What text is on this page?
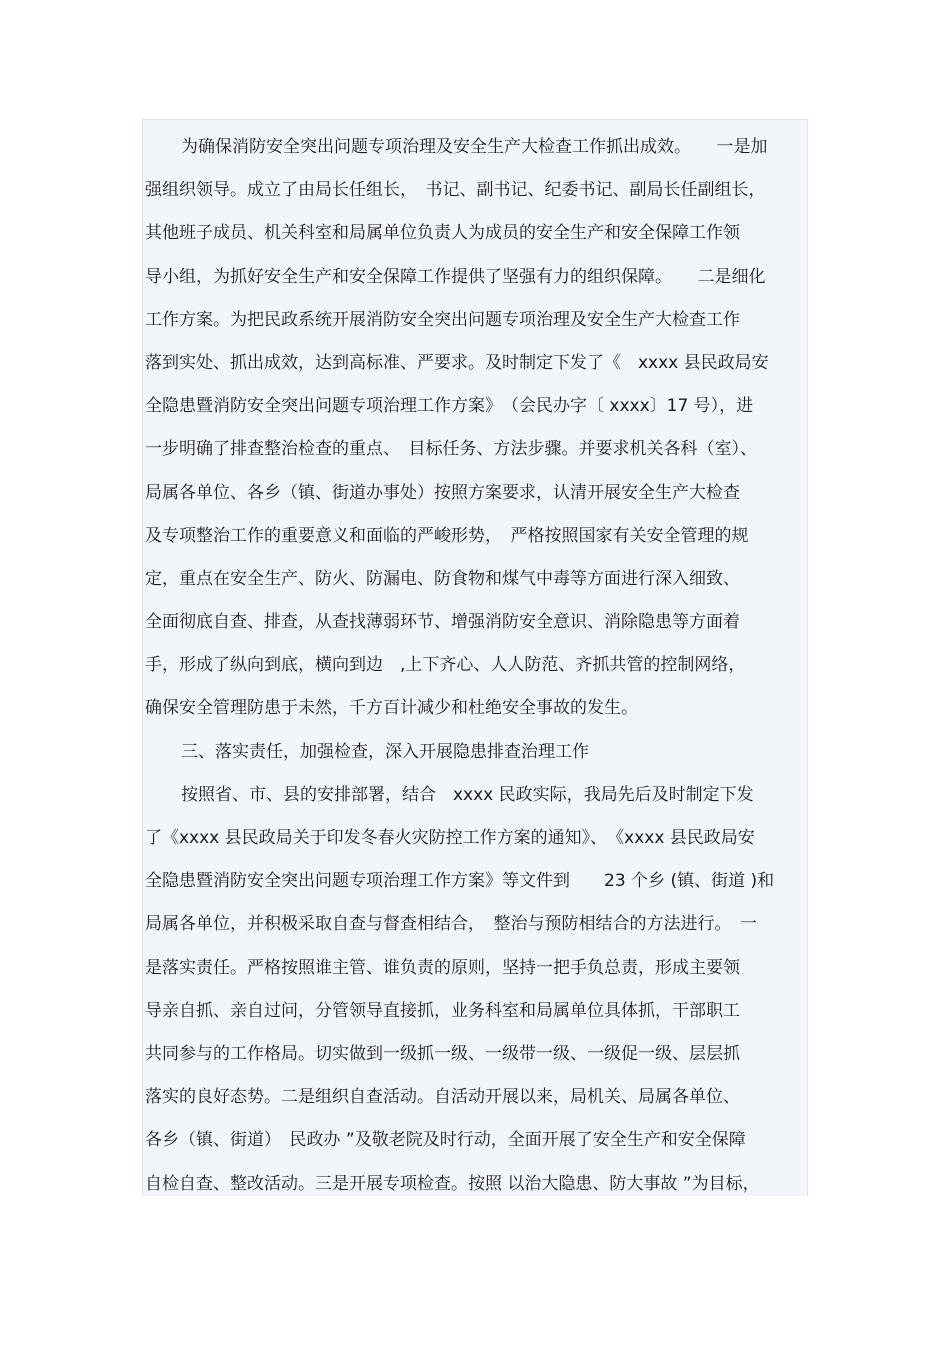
为确保消防安全突出问题专项治理及安全生产大检查工作抓出成效。　　一是加
强组织领导。成立了由局长任组长，　书记、副书记、纪委书记、副局长任副组长，
其他班子成员、机关科室和局属单位负责人为成员的安全生产和安全保障工作领
导小组，为抓好安全生产和安全保障工作提供了坚强有力的组织保障。　　二是细化
工作方案。为把民政系统开展消防安全突出问题专项治理及安全生产大检查工作
落到实处、抓出成效，达到高标准、严要求。及时制定下发了《　xxxx 县民政局安
全隐患暨消防安全突出问题专项治理工作方案》　（会民办字〔 xxxx〕17 号），进
一步明确了排查整治检查的重点、　目标任务、方法步骤。并要求机关各科（室）、
局属各单位、各乡（镇、街道办事处）按照方案要求，认清开展安全生产大检查
及专项整治工作的重要意义和面临的严峻形势，　严格按照国家有关安全管理的规
定，重点在安全生产、防火、防漏电、防食物和煤气中毒等方面进行深入细致、
全面彻底自查、排查，从查找薄弱环节、增强消防安全意识、消除隐患等方面着
手，形成了纵向到底，横向到边　,上下齐心、人人防范、齐抓共管的控制网络，
确保安全管理防患于未然，千方百计减少和杜绝安全事故的发生。
三、落实责任，加强检查，深入开展隐患排查治理工作
按照省、市、县的安排部署，结合　xxxx 民政实际，我局先后及时制定下发
了《xxxx 县民政局关于印发冬春火灾防控工作方案的通知》、　《xxxx 县民政局安
全隐患暨消防安全突出问题专项治理工作方案》等文件到　　23 个乡 (镇、街道 )和
局属各单位，并积极采取自查与督查相结合，　整治与预防相结合的方法进行。　一
是落实责任。严格按照谁主管、谁负责的原则，坚持一把手负总责，形成主要领
导亲自抓、亲自过问，分管领导直接抓，业务科室和局属单位具体抓，干部职工
共同参与的工作格局。切实做到一级抓一级、一级带一级、一级促一级、层层抓
落实的良好态势。二是组织自查活动。自活动开展以来，局机关、局属各单位、
各乡（镇、街道）　民政办 ”及敬老院及时行动，全面开展了安全生产和安全保障
自检自查、整改活动。三是开展专项检查。按照 以治大隐患、防大事故 ”为目标，
